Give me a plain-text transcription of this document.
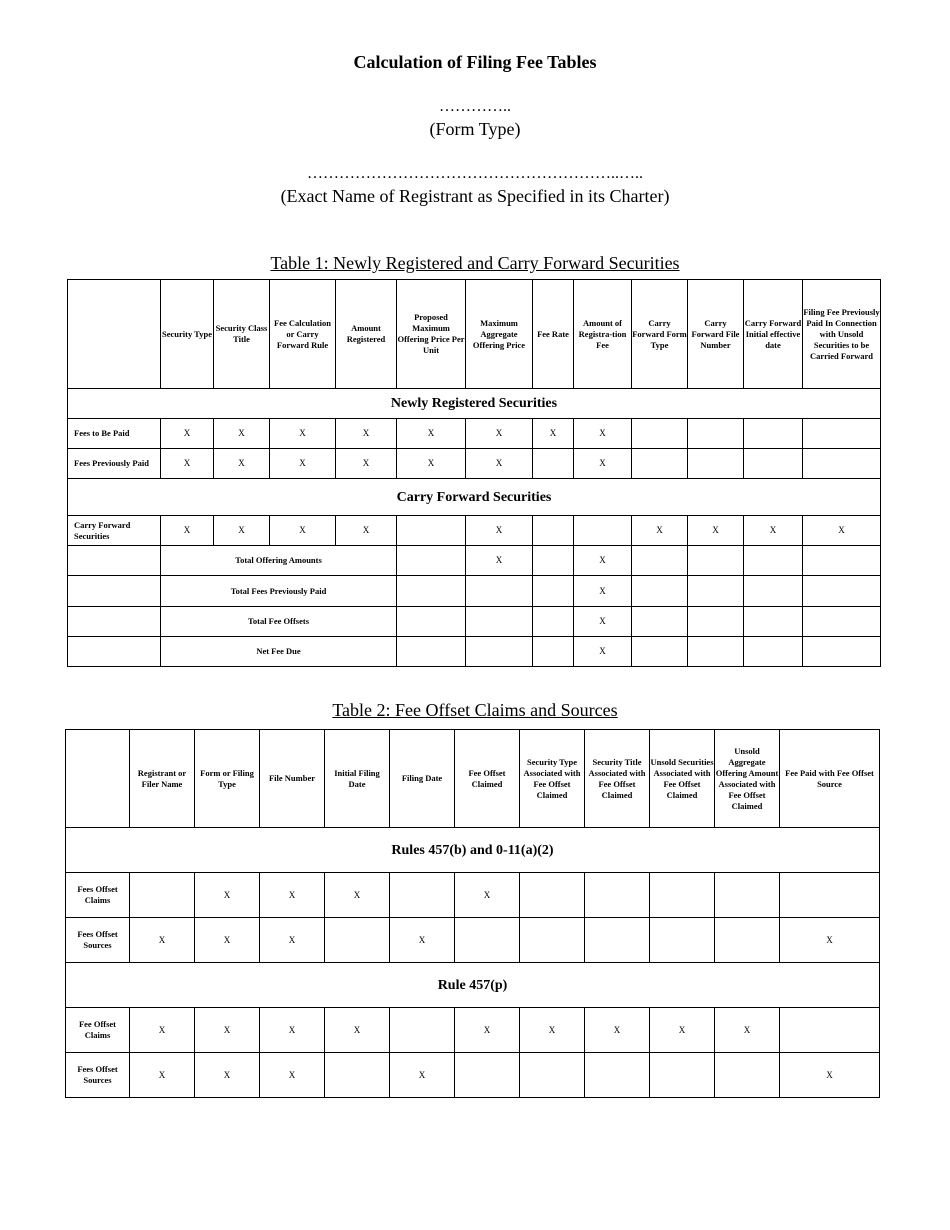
Calculation of Filing Fee Tables
…………..
(Form Type)
…………………………………………………..…..
(Exact Name of Registrant as Specified in its Charter)
Table 1: Newly Registered and Carry Forward Securities
	Security Type	Security Class Title	Fee Calculation or Carry Forward Rule	Amount Registered	Proposed Maximum Offering Price Per Unit	Maximum Aggregate Offering Price	Fee Rate	Amount of Registra-tion Fee	Carry Forward Form Type	Carry Forward File Number	Carry Forward Initial effective date	Filing Fee Previously Paid In Connection with Unsold Securities to be Carried Forward
Newly Registered Securities												
Fees to Be Paid	X	X	X	X	X	X	X	X				
Fees Previously Paid	X	X	X	X	X	X		X				
Carry Forward Securities												
Carry Forward Securities	X	X	X	X		X			X	X	X	X
	Total Offering Amounts					X		X				
	Total Fees Previously Paid							X				
	Total Fee Offsets							X				
	Net Fee Due							X				
Table 2: Fee Offset Claims and Sources
	Registrant or Filer Name	Form or Filing Type	File Number	Initial Filing Date	Filing Date	Fee Offset Claimed	Security Type Associated with Fee Offset Claimed	Security Title Associated with Fee Offset Claimed	Unsold Securities Associated with Fee Offset Claimed	Unsold Aggregate Offering Amount Associated with Fee Offset Claimed	Fee Paid with Fee Offset Source
Rules 457(b) and 0-11(a)(2)											
Fees Offset Claims		X	X	X		X					
Fees Offset Sources	X	X	X		X						X
Rule 457(p)											
Fee Offset Claims	X	X	X	X		X	X	X	X	X	
Fees Offset Sources	X	X	X		X						X
